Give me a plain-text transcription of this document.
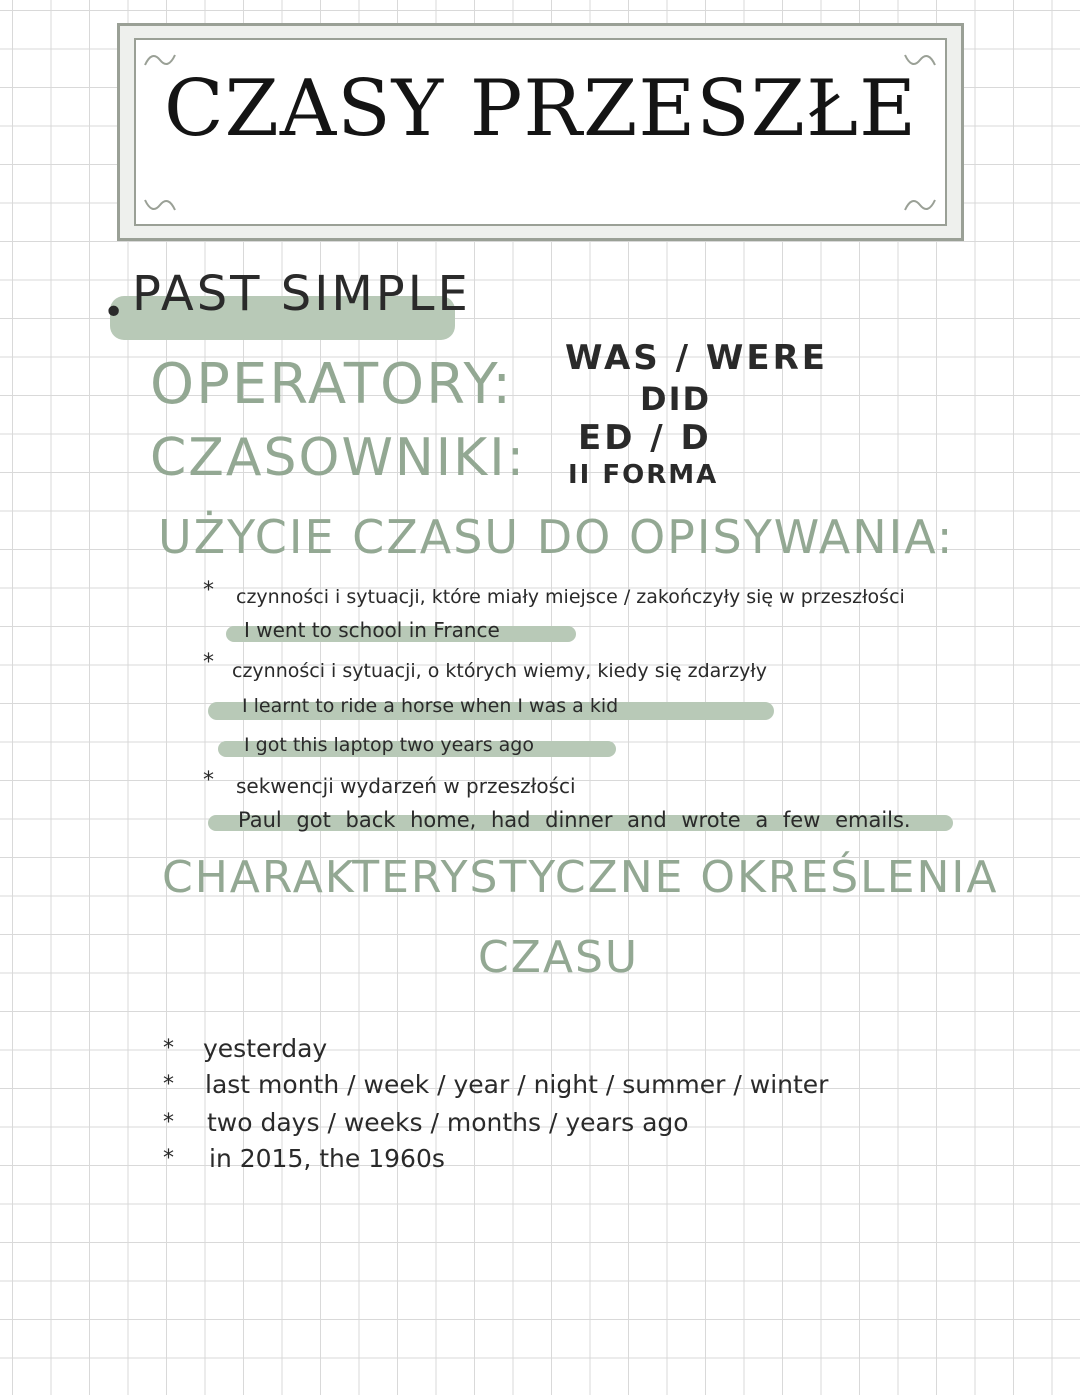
CZASY PRZESZŁE
• PAST SIMPLE
OPERATORY: WAS / WERE
DID
CZASOWNIKI: ED / D
II FORMA
UŻYCIE CZASU DO OPISYWANIA:
* czynności i sytuacji, które miały miejsce / zakończyły się w przeszłości
I went to school in France
* czynności i sytuacji, o których wiemy, kiedy się zdarzyły
I learnt to ride a horse when I was a kid
I got this laptop two years ago
* sekwencji wydarzeń w przeszłości
Paul got back home, had dinner and wrote a few emails.
CHARAKTERYSTYCZNE OKREŚLENIA
CZASU
* yesterday
* last month / week / year / night / summer / winter
* two days / weeks / months / years ago
* in 2015, the 1960s
